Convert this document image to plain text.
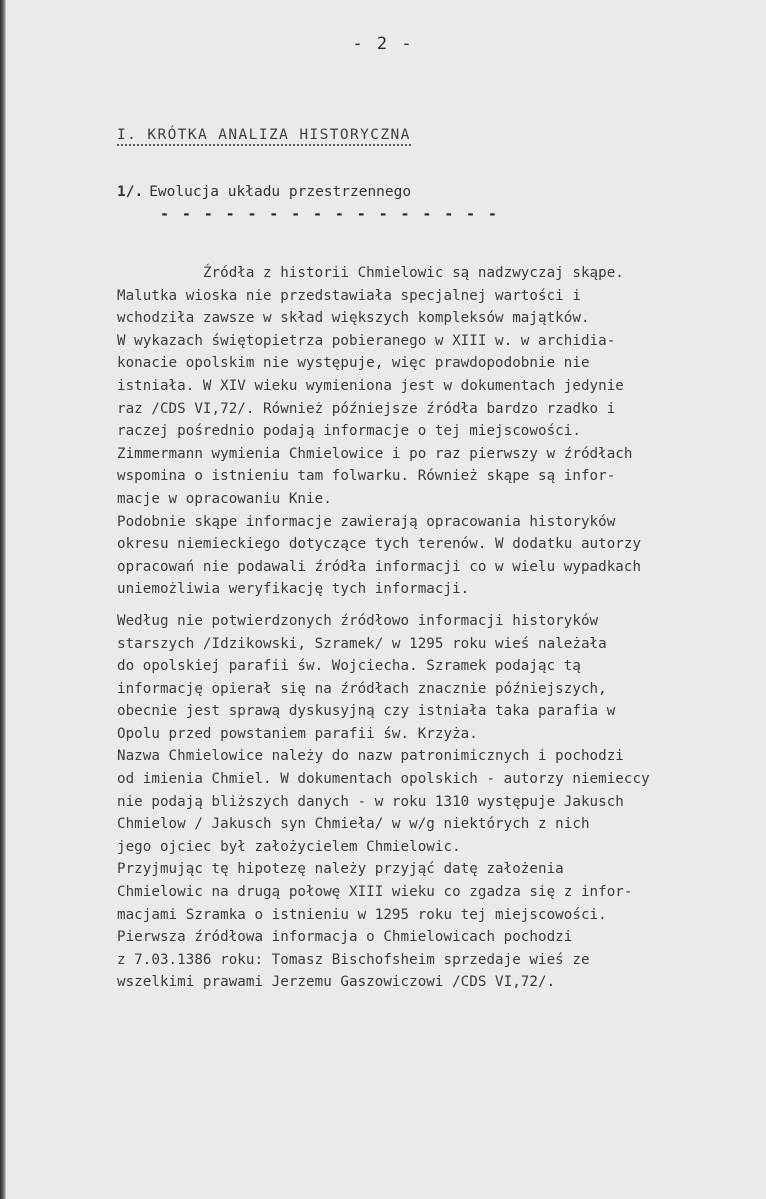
- 2 -
I. KRÓTKA ANALIZA HISTORYCZNA
1/. Ewolucja układu przestrzennego
- - - - - - - - - - - - - - - -
Źródła z historii Chmielowic są nadzwyczaj skąpe.
Malutka wioska nie przedstawiała specjalnej wartości i
wchodziła zawsze w skład większych kompleksów majątków.
W wykazach świętopietrza pobieranego w XIII w. w archidia-
konacie opolskim nie występuje, więc prawdopodobnie nie
istniała. W XIV wieku wymieniona jest w dokumentach jedynie
raz /CDS VI,72/. Również późniejsze źródła bardzo rzadko i
raczej pośrednio podają informacje o tej miejscowości.
Zimmermann wymienia Chmielowice i po raz pierwszy w źródłach
wspomina o istnieniu tam folwarku. Również skąpe są infor-
macje w opracowaniu Knie.
Podobnie skąpe informacje zawierają opracowania historyków
okresu niemieckiego dotyczące tych terenów. W dodatku autorzy
opracowań nie podawali źródła informacji co w wielu wypadkach
uniemożliwia weryfikację tych informacji.
Według nie potwierdzonych źródłowo informacji historyków
starszych /Idzikowski, Szramek/ w 1295 roku wieś należała
do opolskiej parafii św. Wojciecha. Szramek podając tą
informację opierał się na źródłach znacznie późniejszych,
obecnie jest sprawą dyskusyjną czy istniała taka parafia w
Opolu przed powstaniem parafii św. Krzyża.
Nazwa Chmielowice należy do nazw patronimicznych i pochodzi
od imienia Chmiel. W dokumentach opolskich - autorzy niemieccy
nie podają bliższych danych - w roku 1310 występuje Jakusch
Chmielow / Jakusch syn Chmieła/ w w/g niektórych z nich
jego ojciec był założycielem Chmielowic.
Przyjmując tę hipotezę należy przyjąć datę założenia
Chmielowic na drugą połowę XIII wieku co zgadza się z infor-
macjami Szramka o istnieniu w 1295 roku tej miejscowości.
Pierwsza źródłowa informacja o Chmielowicach pochodzi
z 7.03.1386 roku: Tomasz Bischofsheim sprzedaje wieś ze
wszelkimi prawami Jerzemu Gaszowiczowi /CDS VI,72/.
